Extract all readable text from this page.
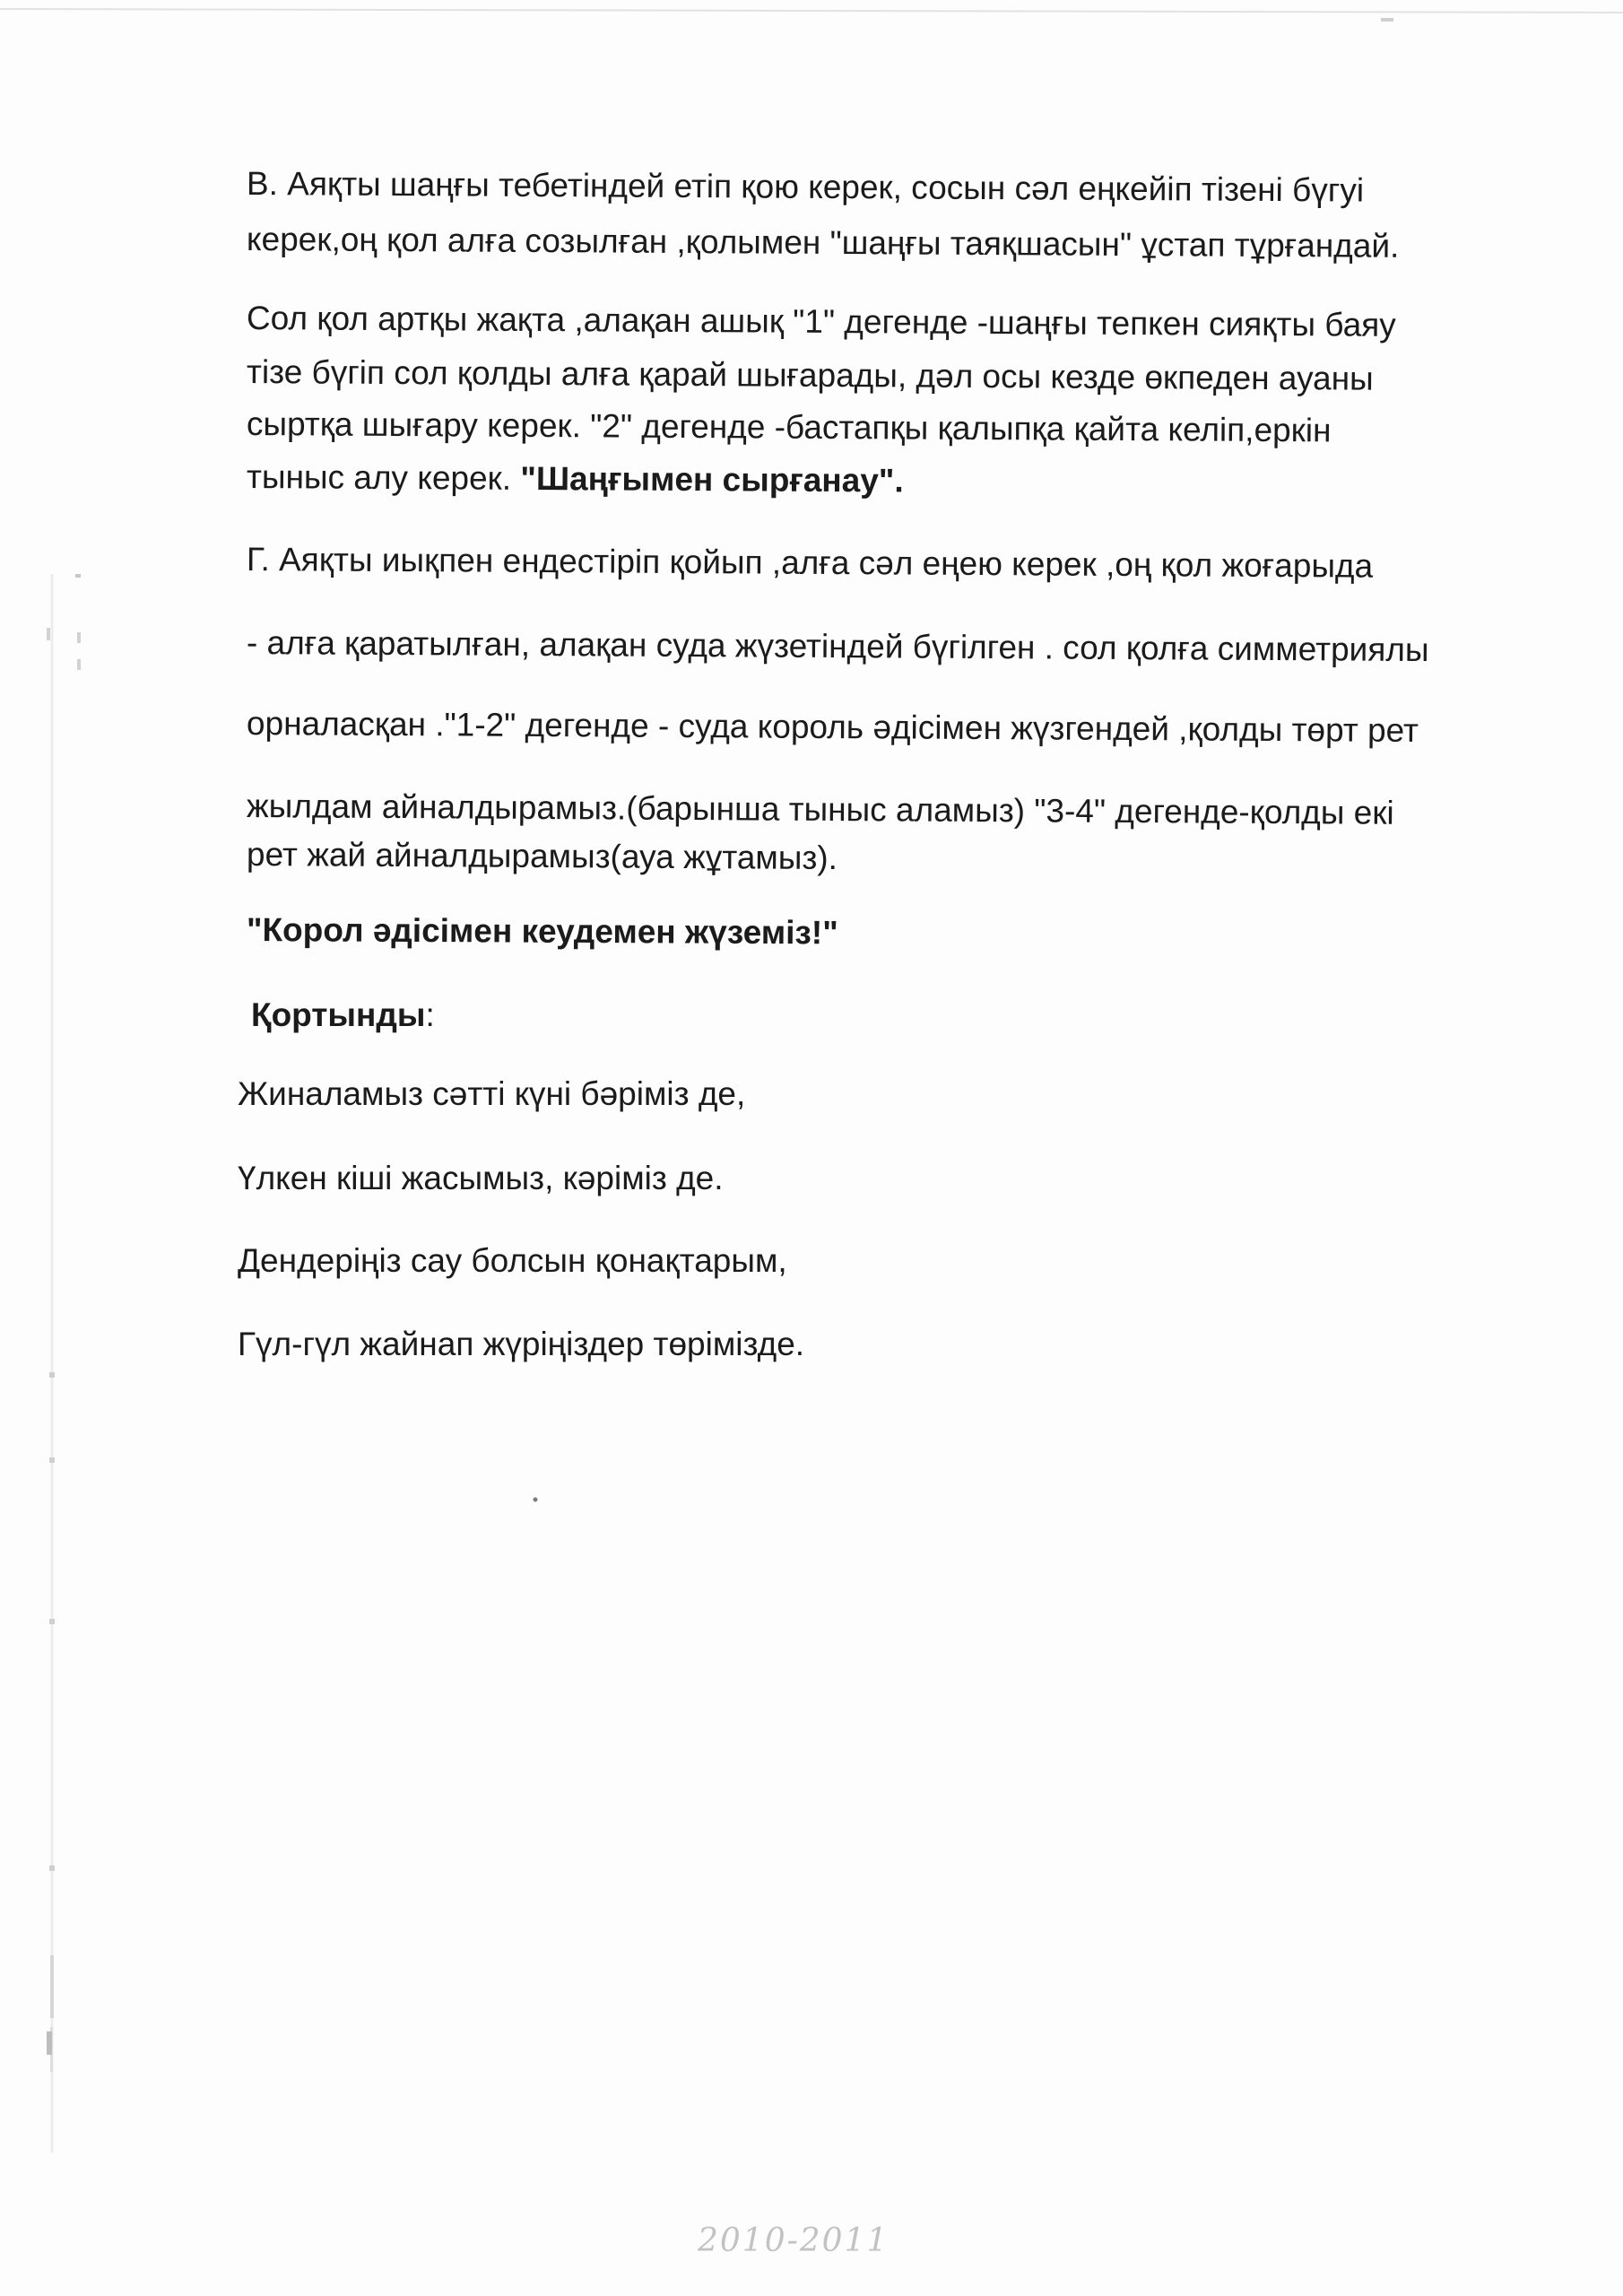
В. Аяқты шаңғы тебетіндей етіп қою керек, сосын сәл еңкейіп тізені бүгуі
керек,оң қол алға созылған ,қолымен "шаңғы таяқшасын" ұстап тұрғандай.
Сол қол артқы жақта ,алақан ашық "1" дегенде -шаңғы тепкен сияқты баяу
тізе бүгіп сол қолды алға қарай шығарады, дәл осы кезде өкпеден ауаны
сыртқа шығару керек. "2" дегенде -бастапқы қалыпқа қайта келіп,еркін
тыныс алу керек. "Шаңғымен сырғанау".
Г. Аяқты иықпен ендестіріп қойып ,алға сәл еңею керек ,оң қол жоғарыда
- алға қаратылған, алақан суда жүзетіндей бүгілген . сол қолға симметриялы
орналасқан ."1-2" дегенде - суда король әдісімен жүзгендей ,қолды төрт рет
жылдам айналдырамыз.(барынша тыныс аламыз) "3-4" дегенде-қолды екі
рет жай айналдырамыз(ауа жұтамыз).
"Корол әдісімен кеудемен жүземіз!"
Қортынды:
Жиналамыз сәтті күні бәріміз де,
Үлкен кіші жасымыз, кәріміз де.
Дендеріңіз сау болсын қонақтарым,
Гүл-гүл жайнап жүріңіздер төрімізде.
2010-2011
